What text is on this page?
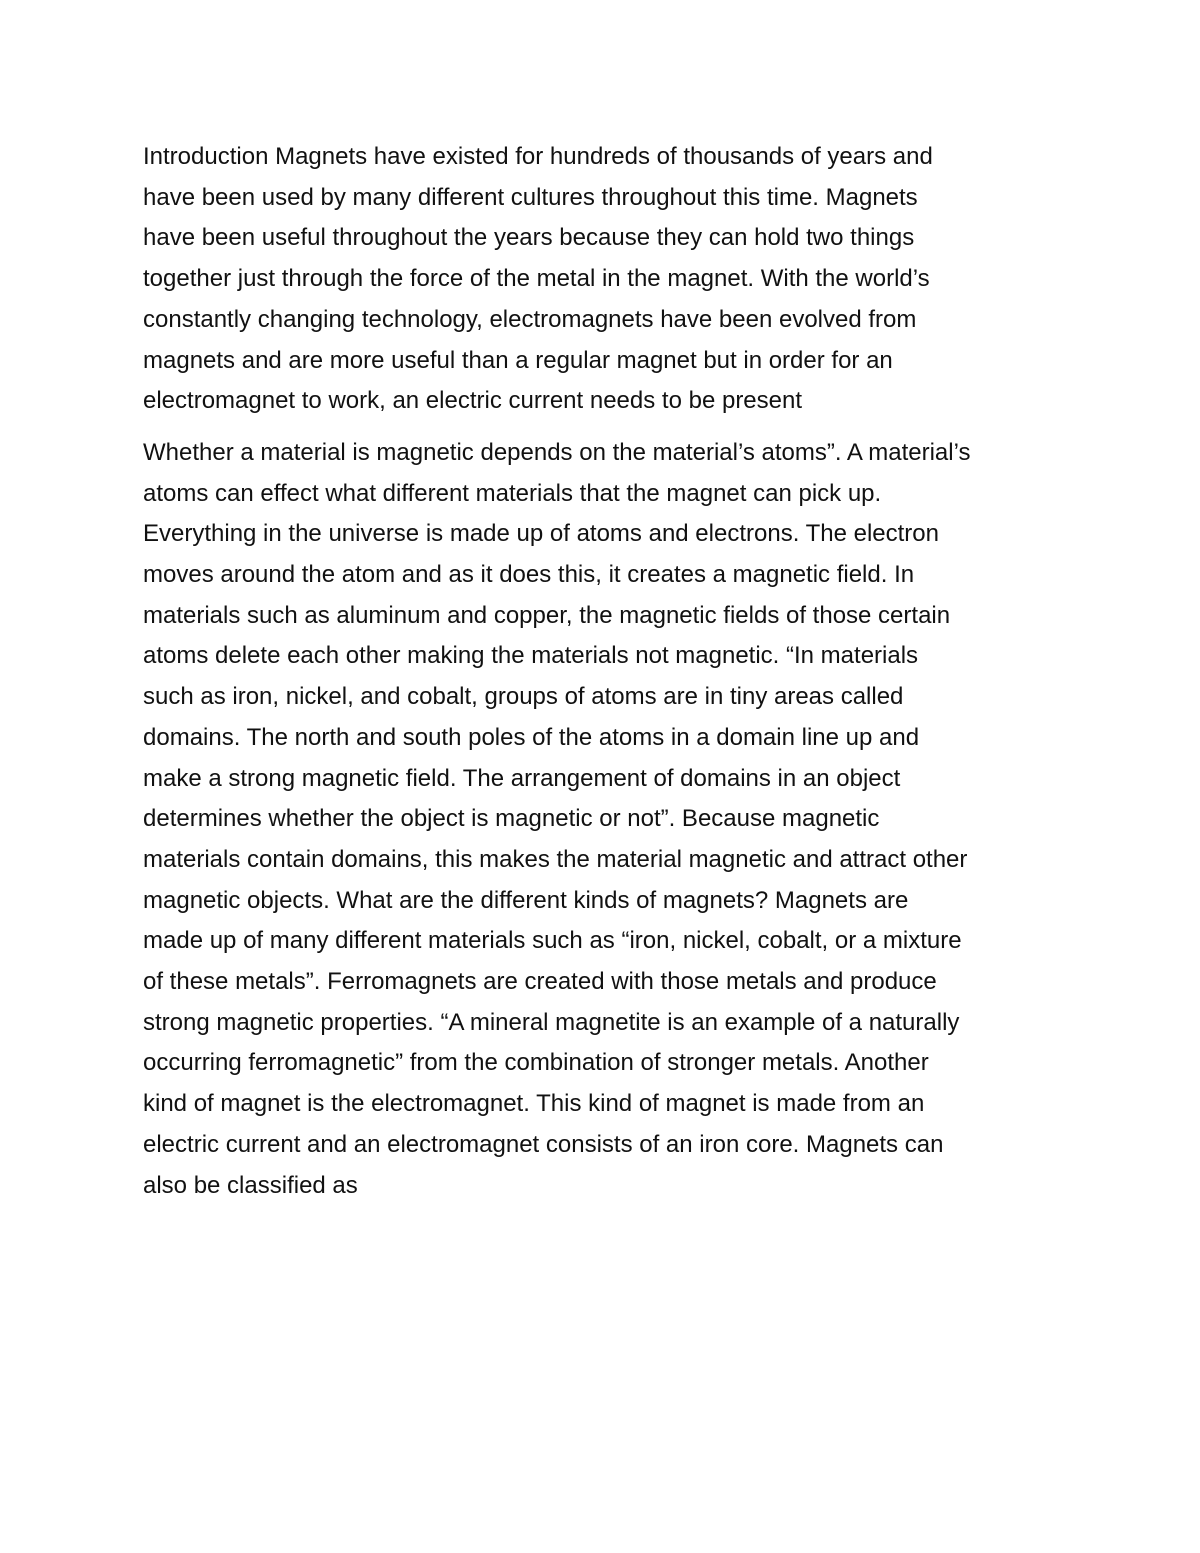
Introduction Magnets have existed for hundreds of thousands of years and
have been used by many different cultures throughout this time. Magnets
have been useful throughout the years because they can hold two things
together just through the force of the metal in the magnet. With the world’s
constantly changing technology, electromagnets have been evolved from
magnets and are more useful than a regular magnet but in order for an
electromagnet to work, an electric current needs to be present

Whether a material is magnetic depends on the material’s atoms”. A material’s
atoms can effect what different materials that the magnet can pick up.
Everything in the universe is made up of atoms and electrons. The electron
moves around the atom and as it does this, it creates a magnetic field. In
materials such as aluminum and copper, the magnetic fields of those certain
atoms delete each other making the materials not magnetic. “In materials
such as iron, nickel, and cobalt, groups of atoms are in tiny areas called
domains. The north and south poles of the atoms in a domain line up and
make a strong magnetic field. The arrangement of domains in an object
determines whether the object is magnetic or not”. Because magnetic
materials contain domains, this makes the material magnetic and attract other
magnetic objects. What are the different kinds of magnets? Magnets are
made up of many different materials such as “iron, nickel, cobalt, or a mixture
of these metals”. Ferromagnets are created with those metals and produce
strong magnetic properties. “A mineral magnetite is an example of a naturally
occurring ferromagnetic” from the combination of stronger metals. Another
kind of magnet is the electromagnet. This kind of magnet is made from an
electric current and an electromagnet consists of an iron core. Magnets can
also be classified as
